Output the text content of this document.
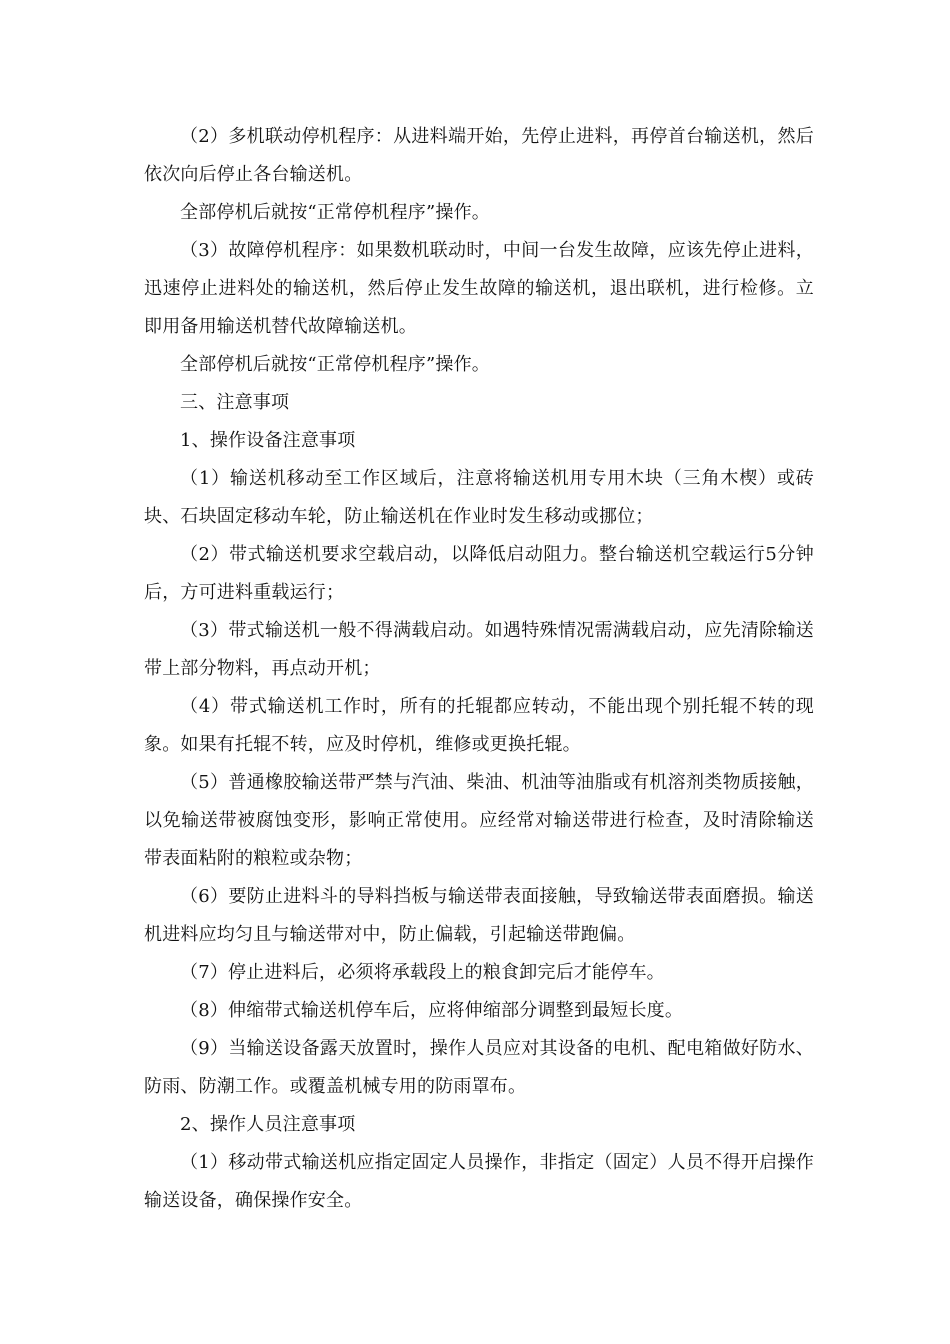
（2）多机联动停机程序：从进料端开始，先停止进料，再停首台输送机，然后依次向后停止各台输送机。

全部停机后就按“正常停机程序”操作。

（3）故障停机程序：如果数机联动时，中间一台发生故障，应该先停止进料，迅速停止进料处的输送机，然后停止发生故障的输送机，退出联机，进行检修。立即用备用输送机替代故障输送机。

全部停机后就按“正常停机程序”操作。

三、注意事项

1、操作设备注意事项

（1）输送机移动至工作区域后，注意将输送机用专用木块（三角木楔）或砖块、石块固定移动车轮，防止输送机在作业时发生移动或挪位；

（2）带式输送机要求空载启动，以降低启动阻力。整台输送机空载运行5分钟后，方可进料重载运行；

（3）带式输送机一般不得满载启动。如遇特殊情况需满载启动，应先清除输送带上部分物料，再点动开机；

（4）带式输送机工作时，所有的托辊都应转动，不能出现个别托辊不转的现象。如果有托辊不转，应及时停机，维修或更换托辊。

（5）普通橡胶输送带严禁与汽油、柴油、机油等油脂或有机溶剂类物质接触，以免输送带被腐蚀变形，影响正常使用。应经常对输送带进行检查，及时清除输送带表面粘附的粮粒或杂物；

（6）要防止进料斗的导料挡板与输送带表面接触，导致输送带表面磨损。输送机进料应均匀且与输送带对中，防止偏载，引起输送带跑偏。

（7）停止进料后，必须将承载段上的粮食卸完后才能停车。

（8）伸缩带式输送机停车后，应将伸缩部分调整到最短长度。

（9）当输送设备露天放置时，操作人员应对其设备的电机、配电箱做好防水、防雨、防潮工作。或覆盖机械专用的防雨罩布。

2、操作人员注意事项

（1）移动带式输送机应指定固定人员操作，非指定（固定）人员不得开启操作输送设备，确保操作安全。
